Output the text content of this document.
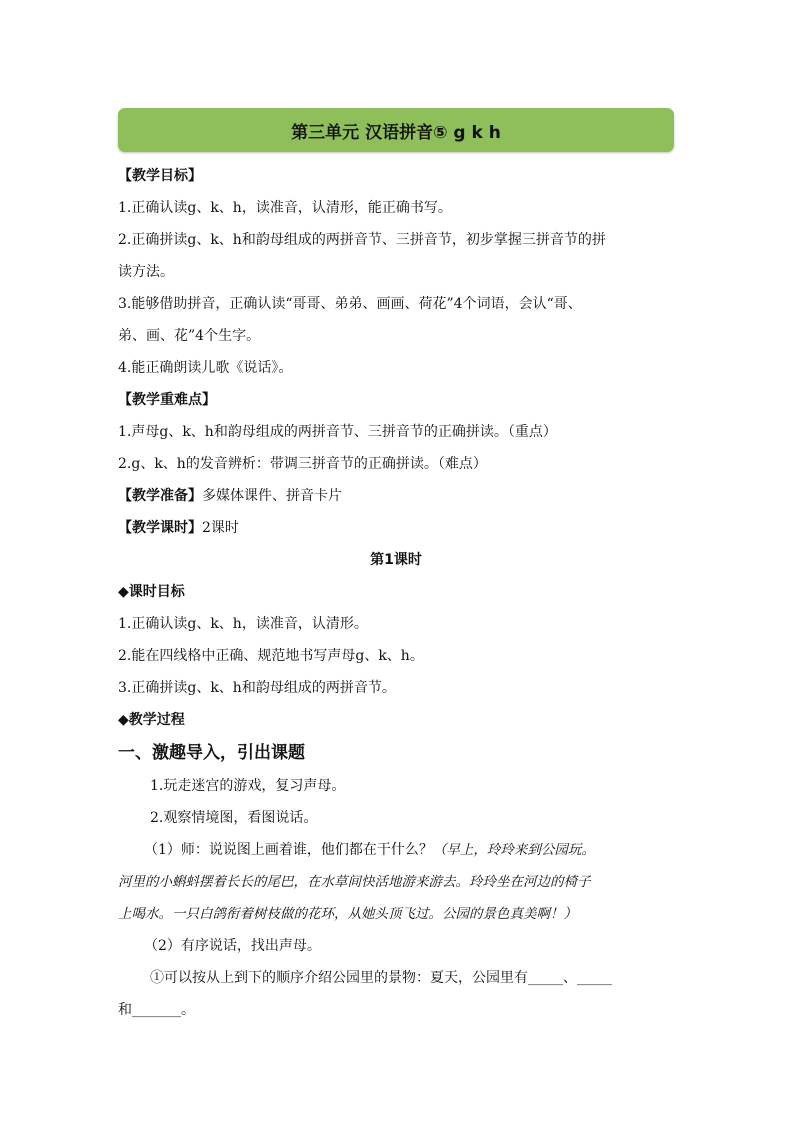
第三单元 汉语拼音⑤ g k h
【教学目标】
1.正确认读g、k、h，读准音，认清形，能正确书写。
2.正确拼读g、k、h和韵母组成的两拼音节、三拼音节，初步掌握三拼音节的拼
读方法。
3.能够借助拼音，正确认读“哥哥、弟弟、画画、荷花”4个词语，会认“哥、
弟、画、花”4个生字。
4.能正确朗读儿歌《说话》。
【教学重难点】
1.声母g、k、h和韵母组成的两拼音节、三拼音节的正确拼读。（重点）
2.g、k、h的发音辨析：带调三拼音节的正确拼读。（难点）
【教学准备】多媒体课件、拼音卡片
【教学课时】2课时
第1课时
◆课时目标
1.正确认读g、k、h，读准音，认清形。
2.能在四线格中正确、规范地书写声母g、k、h。
3.正确拼读g、k、h和韵母组成的两拼音节。
◆教学过程
一、激趣导入，引出课题
1.玩走迷宫的游戏，复习声母。
2.观察情境图，看图说话。
（1）师：说说图上画着谁，他们都在干什么？（早上，玲玲来到公园玩。
河里的小蝌蚪摆着长长的尾巴，在水草间快活地游来游去。玲玲坐在河边的椅子
上喝水。一只白鸽衔着树枝做的花环，从她头顶飞过。公园的景色真美啊！）
（2）有序说话，找出声母。
①可以按从上到下的顺序介绍公园里的景物：夏天，公园里有_____、_____
和_______。
